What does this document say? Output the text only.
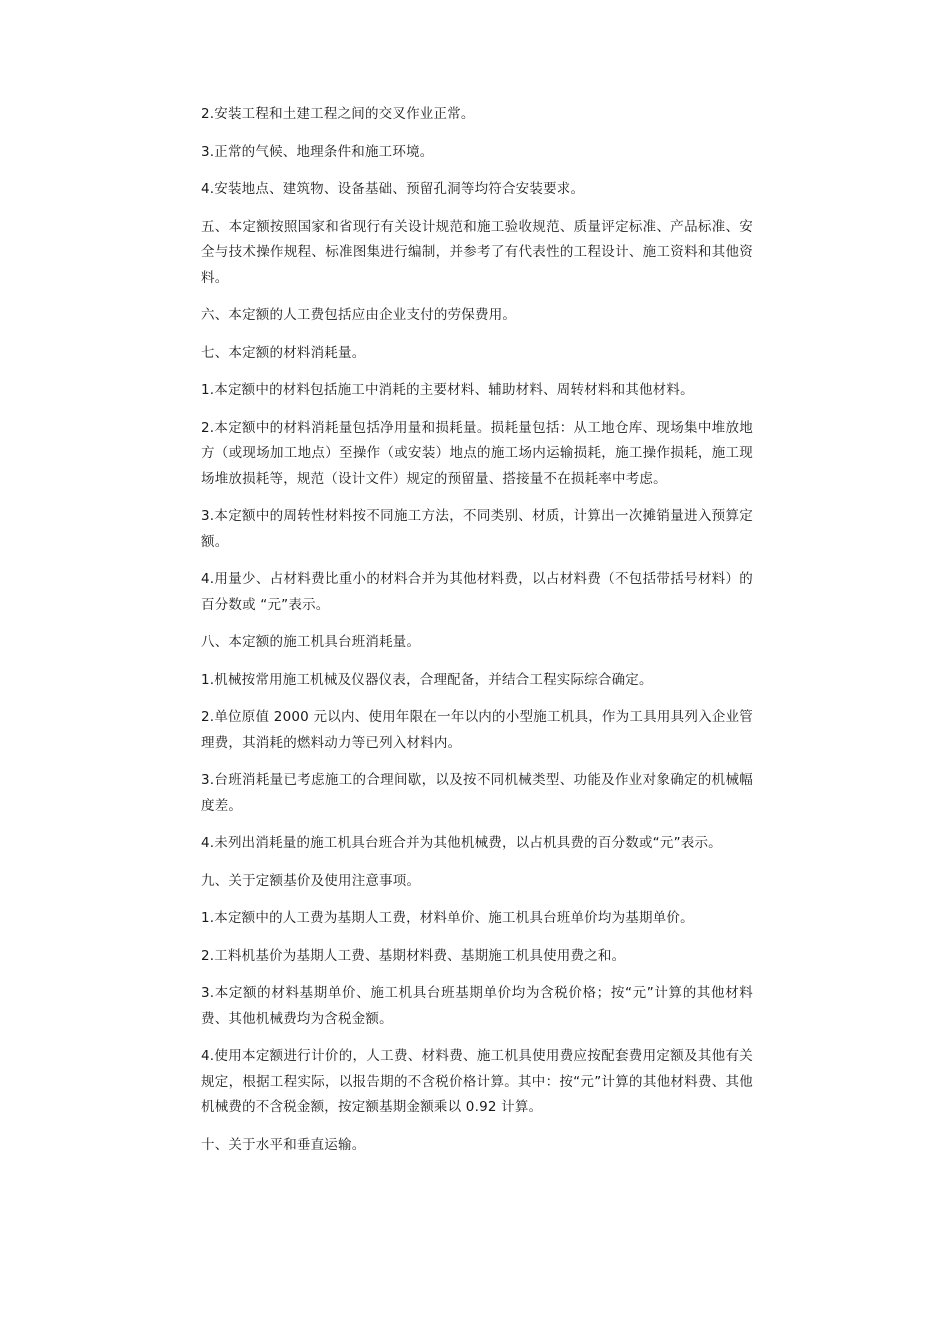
2.安装工程和土建工程之间的交叉作业正常。

3.正常的气候、地理条件和施工环境。

4.安装地点、建筑物、设备基础、预留孔洞等均符合安装要求。

五、本定额按照国家和省现行有关设计规范和施工验收规范、质量评定标准、产品标准、安全与技术操作规程、标准图集进行编制，并参考了有代表性的工程设计、施工资料和其他资料。

六、本定额的人工费包括应由企业支付的劳保费用。

七、本定额的材料消耗量。

1.本定额中的材料包括施工中消耗的主要材料、辅助材料、周转材料和其他材料。

2.本定额中的材料消耗量包括净用量和损耗量。损耗量包括：从工地仓库、现场集中堆放地方（或现场加工地点）至操作（或安装）地点的施工场内运输损耗，施工操作损耗，施工现场堆放损耗等，规范（设计文件）规定的预留量、搭接量不在损耗率中考虑。

3.本定额中的周转性材料按不同施工方法，不同类别、材质，计算出一次摊销量进入预算定额。

4.用量少、占材料费比重小的材料合并为其他材料费，以占材料费（不包括带括号材料）的百分数或 “元”表示。

八、本定额的施工机具台班消耗量。

1.机械按常用施工机械及仪器仪表，合理配备，并结合工程实际综合确定。

2.单位原值 2000 元以内、使用年限在一年以内的小型施工机具，作为工具用具列入企业管理费，其消耗的燃料动力等已列入材料内。

3.台班消耗量已考虑施工的合理间歇，以及按不同机械类型、功能及作业对象确定的机械幅度差。

4.未列出消耗量的施工机具台班合并为其他机械费，以占机具费的百分数或“元”表示。

九、关于定额基价及使用注意事项。

1.本定额中的人工费为基期人工费，材料单价、施工机具台班单价均为基期单价。

2.工料机基价为基期人工费、基期材料费、基期施工机具使用费之和。

3.本定额的材料基期单价、施工机具台班基期单价均为含税价格；按“元”计算的其他材料费、其他机械费均为含税金额。

4.使用本定额进行计价的，人工费、材料费、施工机具使用费应按配套费用定额及其他有关规定，根据工程实际，以报告期的不含税价格计算。其中：按“元”计算的其他材料费、其他机械费的不含税金额，按定额基期金额乘以 0.92 计算。

十、关于水平和垂直运输。
